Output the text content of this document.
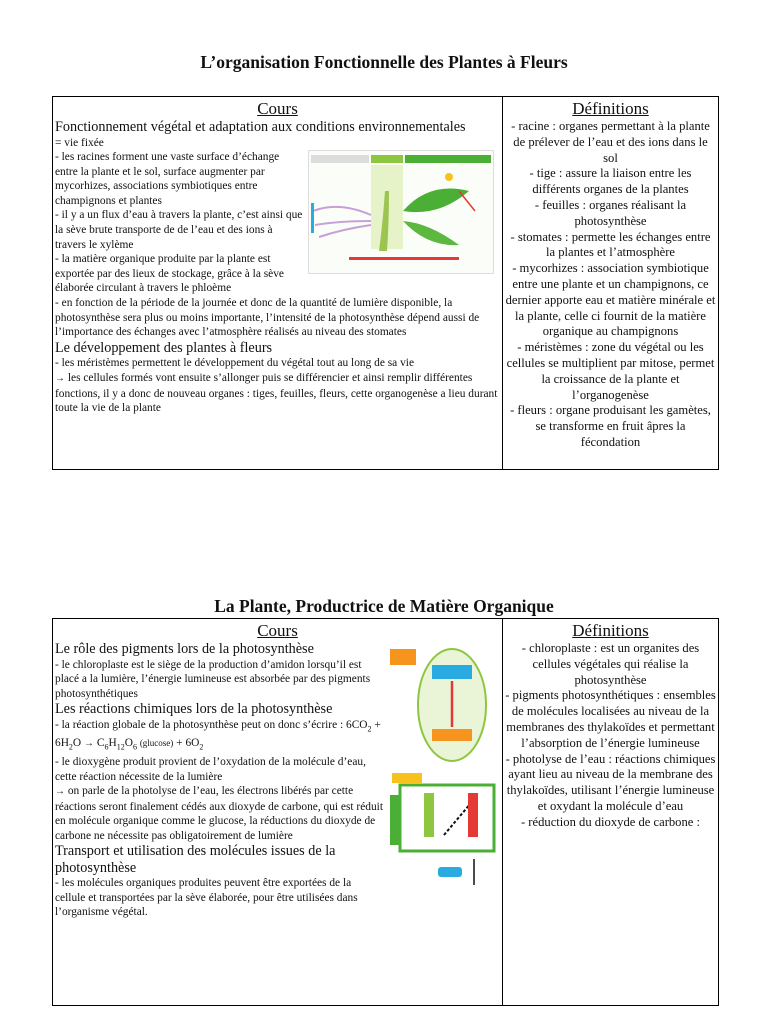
L’organisation Fonctionnelle des Plantes à Fleurs
Cours
Fonctionnement végétal et adaptation aux conditions environnementales
= vie fixée
- les racines forment une vaste surface d’échange entre la plante et le sol, surface augmenter par mycorhizes, associations symbiotiques entre champignons et plantes
- il y a un flux d’eau à travers la plante, c’est ainsi que la sève brute transporte de de l’eau et des ions à travers le xylème
- la matière organique produite par la plante est exportée par des lieux de stockage, grâce à la sève élaborée circulant à travers le phloème
- en fonction de la période de la journée et donc de la quantité de lumière disponible, la photosynthèse sera plus ou moins importante, l’intensité de la photosynthèse dépend aussi de l’importance des échanges avec l’atmosphère réalisés au niveau des stomates
Le développement des plantes à fleurs
- les méristèmes permettent le développement du végétal tout au long de sa vie
→ les cellules formés vont ensuite s’allonger puis se différencier et ainsi remplir différentes fonctions, il y a donc de nouveau organes : tiges, feuilles, fleurs, cette organogenèse a lieu durant toute la vie de la plante

Définitions
- racine : organes permettant à la plante de prélever de l’eau et des ions dans le sol
- tige : assure la liaison entre les différents organes de la plantes
- feuilles : organes réalisant la photosynthèse
- stomates : permette les échanges entre la plantes et l’atmosphère
- mycorhizes : association symbiotique entre une plante et un champignons, ce dernier apporte eau et matière minérale et la plante, celle ci fournit de la matière organique au champignons
- méristèmes : zone du végétal ou les cellules se multiplient par mitose, permet la croissance de la plante et l’organogenèse
- fleurs : organe produisant les gamètes, se transforme en fruit âpres la fécondation
La Plante, Productrice de Matière Organique
Cours
Le rôle des pigments lors de la photosynthèse
- le chloroplaste est le siège de la production d’amidon lorsqu’il est placé a la lumière, l’énergie lumineuse est absorbée par des pigments photosynthétiques
Les réactions chimiques lors de la photosynthèse
- la réaction globale de la photosynthèse peut on donc s’écrire : $6CO_2 + 6H_2O \to C_6H_{12}O_6$ $(glucose) + 6O_2$
- le dioxygène produit provient de l’oxydation de la molécule d’eau, cette réaction nécessite de la lumière
→ on parle de la photolyse de l’eau, les électrons libérés par cette réactions seront finalement cédés aux dioxyde de carbone, qui est réduit en molécule organique comme le glucose, la réductions du dioxyde de carbone ne nécessite pas obligatoirement de lumière
Transport et utilisation des molécules issues de la photosynthèse
- les molécules organiques produites peuvent être exportées de la cellule et transportées par la sève élaborée, pour être utilisées dans l’organisme végétal.

Définitions
- chloroplaste : est un organites des cellules végétales qui réalise la photosynthèse
- pigments photosynthétiques : ensembles de molécules localisées au niveau de la membranes des thylakoïdes et permettant l’absorption de l’énergie lumineuse
- photolyse de l’eau : réactions chimiques ayant lieu au niveau de la membrane des thylakoïdes, utilisant l’énergie lumineuse et oxydant la molécule d’eau
- réduction du dioxyde de carbone :
